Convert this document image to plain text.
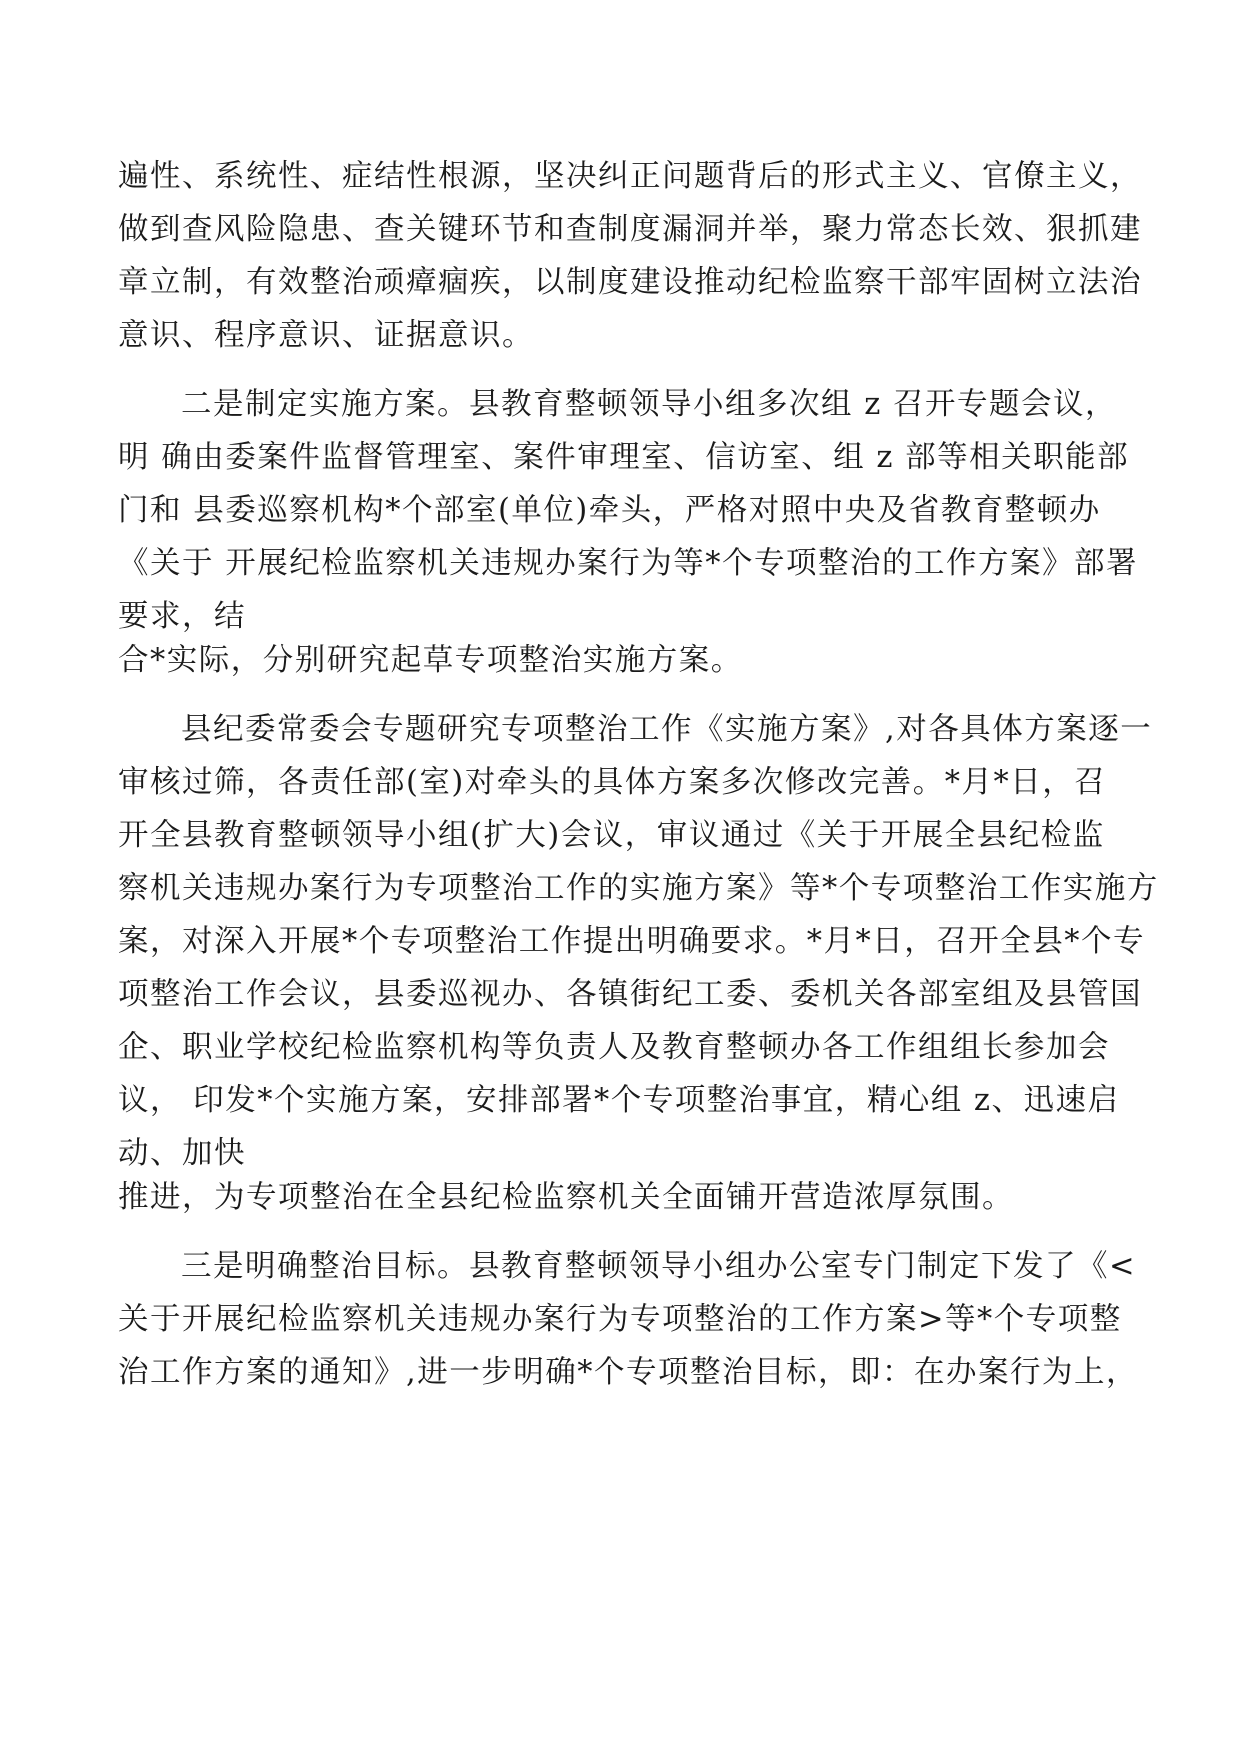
遍性、系统性、症结性根源，坚决纠正问题背后的形式主义、官僚主义，

做到查风险隐患、查关键环节和查制度漏洞并举，聚力常态长效、狠抓建

章立制，有效整治顽瘴痼疾，以制度建设推动纪检监察干部牢固树立法治

意识、程序意识、证据意识。

二是制定实施方案。县教育整顿领导小组多次组 z 召开专题会议，

明 确由委案件监督管理室、案件审理室、信访室、组 z 部等相关职能部

门和 县委巡察机构*个部室(单位)牵头，严格对照中央及省教育整顿办

《关于 开展纪检监察机关违规办案行为等*个专项整治的工作方案》部署

要求，结

合*实际，分别研究起草专项整治实施方案。

县纪委常委会专题研究专项整治工作《实施方案》,对各具体方案逐一

审核过筛，各责任部(室)对牵头的具体方案多次修改完善。*月*日，召

开全县教育整顿领导小组(扩大)会议，审议通过《关于开展全县纪检监

察机关违规办案行为专项整治工作的实施方案》等*个专项整治工作实施方

案，对深入开展*个专项整治工作提出明确要求。*月*日，召开全县*个专

项整治工作会议，县委巡视办、各镇街纪工委、委机关各部室组及县管国

企、职业学校纪检监察机构等负责人及教育整顿办各工作组组长参加会

议， 印发*个实施方案，安排部署*个专项整治事宜，精心组 z、迅速启

动、加快

推进，为专项整治在全县纪检监察机关全面铺开营造浓厚氛围。

三是明确整治目标。县教育整顿领导小组办公室专门制定下发了《<

关于开展纪检监察机关违规办案行为专项整治的工作方案>等*个专项整

治工作方案的通知》,进一步明确*个专项整治目标，即：在办案行为上，
